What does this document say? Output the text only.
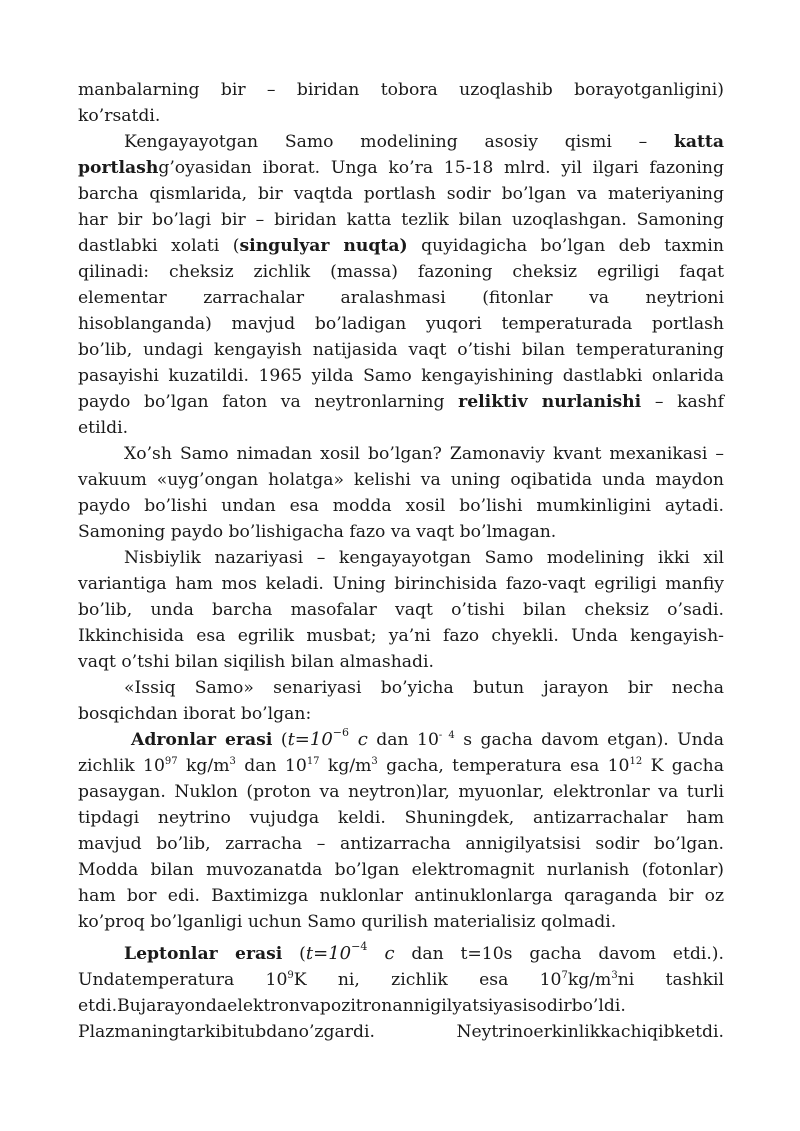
manbalarning bir – biridan tobora uzoqlashib borayotganligini)
ko’rsatdi.
Kengayayotgan Samo modelining asosiy qismi – katta
portlashg’oyasidan iborat. Unga ko’ra 15-18 mlrd. yil ilgari fazoning
barcha qismlarida, bir vaqtda portlash sodir bo’lgan va materiyaning
har bir bo’lagi bir – biridan katta tezlik bilan uzoqlashgan. Samoning
dastlabki xolati (singulyar nuqta) quyidagicha bo’lgan deb taxmin
qilinadi: cheksiz zichlik (massa) fazoning cheksiz egriligi faqat
elementar zarrachalar aralashmasi (fitonlar va neytrioni
hisoblanganda) mavjud bo’ladigan yuqori temperaturada portlash
bo’lib, undagi kengayish natijasida vaqt o’tishi bilan temperaturaning
pasayishi kuzatildi. 1965 yilda Samo kengayishining dastlabki onlarida
paydo bo’lgan faton va neytronlarning reliktiv nurlanishi – kashf
etildi.
Xo’sh Samo nimadan xosil bo’lgan? Zamonaviy kvant mexanikasi –
vakuum «uyg’ongan holatga» kelishi va uning oqibatida unda maydon
paydo bo’lishi undan esa modda xosil bo’lishi mumkinligini aytadi.
Samoning paydo bo’lishigacha fazo va vaqt bo’lmagan.
Nisbiylik nazariyasi – kengayayotgan Samo modelining ikki xil
variantiga ham mos keladi. Uning birinchisida fazo-vaqt egriligi manfiy
bo’lib, unda barcha masofalar vaqt o’tishi bilan cheksiz o’sadi.
Ikkinchisida esa egrilik musbat; ya’ni fazo chyekli. Unda kengayish-
vaqt o’tshi bilan siqilish bilan almashadi.
«Issiq Samo» senariyasi bo’yicha butun jarayon bir necha
bosqichdan iborat bo’lgan:
Adronlar erasi ($t=10^{-6}$ c dan $10^{- 4}$ s gacha davom etgan). Unda
zichlik $10^{97}$ $kg/m^3$ dan $10^{17}$ $kg/m^3$ gacha, temperatura esa $10^{12}$ K gacha
pasaygan. Nuklon (proton va neytron)lar, myuonlar, elektronlar va turli
tipdagi neytrino vujudga keldi. Shuningdek, antizarrachalar ham
mavjud bo’lib, zarracha – antizarracha annigilyatsisi sodir bo’lgan.
Modda bilan muvozanatda bo’lgan elektromagnit nurlanish (fotonlar)
ham bor edi. Baxtimizga nuklonlar antinuklonlarga qaraganda bir oz
ko’proq bo’lganligi uchun Samo qurilish materialisiz qolmadi.
Leptonlar erasi ($t=10^{-4}$ c dan t=10s gacha davom etdi.).
Undatemperatura $10^9K$ ni, zichlik esa $10^7kg/m^3ni$ tashkil
etdi.Bujarayondaelektronvapozitronannigilyatsiyasisodirbo’ldi.
Plazmaningtarkibitubdano’zgardi. Neytrinoerkinlikkachiqibketdi.
